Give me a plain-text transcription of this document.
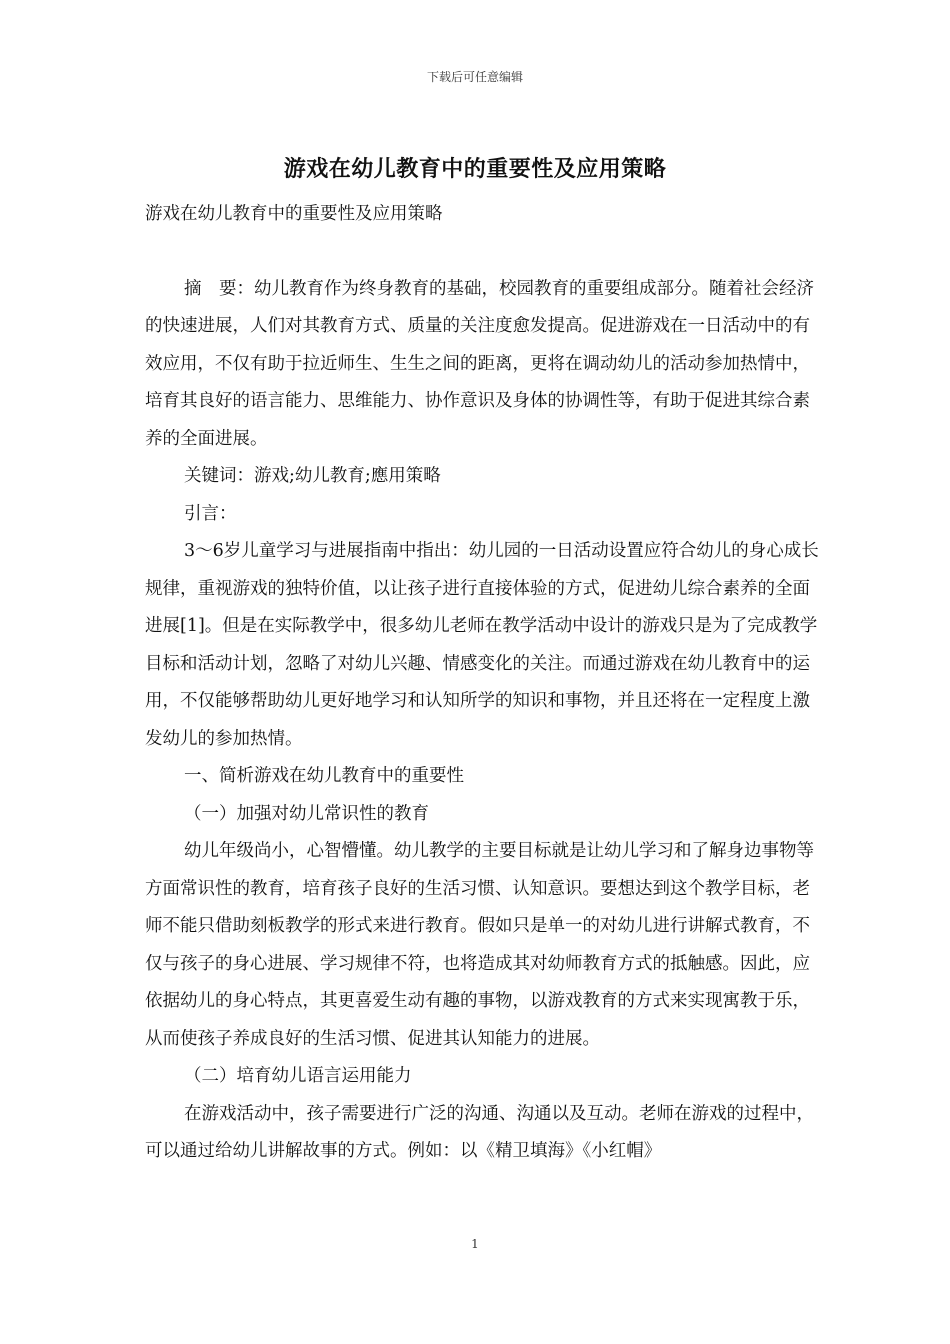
下载后可任意编辑
游戏在幼儿教育中的重要性及应用策略

游戏在幼儿教育中的重要性及应用策略

摘　要：幼儿教育作为终身教育的基础，校园教育的重要组成部分。随着社会经济的快速进展，人们对其教育方式、质量的关注度愈发提高。促进游戏在一日活动中的有效应用，不仅有助于拉近师生、生生之间的距离，更将在调动幼儿的活动参加热情中，培育其良好的语言能力、思维能力、协作意识及身体的协调性等，有助于促进其综合素养的全面进展。

关键词：游戏;幼儿教育;應用策略

引言：

3～6岁儿童学习与进展指南中指出：幼儿园的一日活动设置应符合幼儿的身心成长规律，重视游戏的独特价值，以让孩子进行直接体验的方式，促进幼儿综合素养的全面进展[1]。但是在实际教学中，很多幼儿老师在教学活动中设计的游戏只是为了完成教学目标和活动计划，忽略了对幼儿兴趣、情感变化的关注。而通过游戏在幼儿教育中的运用，不仅能够帮助幼儿更好地学习和认知所学的知识和事物，并且还将在一定程度上激发幼儿的参加热情。

一、简析游戏在幼儿教育中的重要性

（一）加强对幼儿常识性的教育

幼儿年级尚小，心智懵懂。幼儿教学的主要目标就是让幼儿学习和了解身边事物等方面常识性的教育，培育孩子良好的生活习惯、认知意识。要想达到这个教学目标，老师不能只借助刻板教学的形式来进行教育。假如只是单一的对幼儿进行讲解式教育，不仅与孩子的身心进展、学习规律不符，也将造成其对幼师教育方式的抵触感。因此，应依据幼儿的身心特点，其更喜爱生动有趣的事物，以游戏教育的方式来实现寓教于乐，从而使孩子养成良好的生活习惯、促进其认知能力的进展。

（二）培育幼儿语言运用能力

在游戏活动中，孩子需要进行广泛的沟通、沟通以及互动。老师在游戏的过程中，可以通过给幼儿讲解故事的方式。例如：以《精卫填海》《小红帽》

1
